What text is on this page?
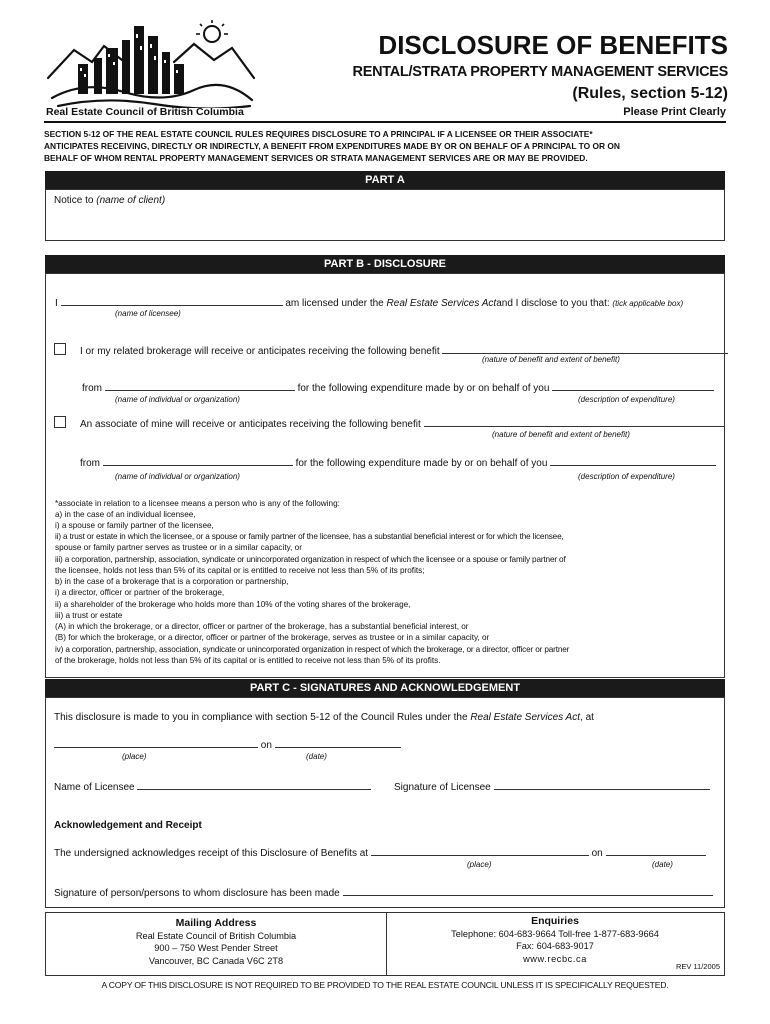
Real Estate Council of British Columbia
DISCLOSURE OF BENEFITS
RENTAL/STRATA PROPERTY MANAGEMENT SERVICES
(Rules, section 5-12)
Please Print Clearly
SECTION 5-12 OF THE REAL ESTATE COUNCIL RULES REQUIRES DISCLOSURE TO A PRINCIPAL IF A LICENSEE OR THEIR ASSOCIATE*
ANTICIPATES RECEIVING, DIRECTLY OR INDIRECTLY, A BENEFIT FROM EXPENDITURES MADE BY OR ON BEHALF OF A PRINCIPAL TO OR ON
BEHALF OF WHOM RENTAL PROPERTY MANAGEMENT SERVICES OR STRATA MANAGEMENT SERVICES ARE OR MAY BE PROVIDED.
PART A
Notice to (name of client)
PART B - DISCLOSURE
I	am licensed under the Real Estate Services Actand I disclose to you that: (tick applicable box)
(name of licensee)
I or my related brokerage will receive or anticipates receiving the following benefit
(nature of benefit and extent of benefit)
from	for the following expenditure made by or on behalf of you
(name of individual or organization)	(description of expenditure)
An associate of mine will receive or anticipates receiving the following benefit
(nature of benefit and extent of benefit)
from	for the following expenditure made by or on behalf of you
(name of individual or organization)	(description of expenditure)
*associate in relation to a licensee means a person who is any of the following:
a) in the case of an individual licensee,
i) a spouse or family partner of the licensee,
ii) a trust or estate in which the licensee, or a spouse or family partner of the licensee, has a substantial beneficial interest or for which the licensee,
spouse or family partner serves as trustee or in a similar capacity, or
iii) a corporation, partnership, association, syndicate or unincorporated organization in respect of which the licensee or a spouse or family partner of
the licensee, holds not less than 5% of its capital or is entitled to receive not less than 5% of its profits;
b) in the case of a brokerage that is a corporation or partnership,
i) a director, officer or partner of the brokerage,
ii) a shareholder of the brokerage who holds more than 10% of the voting shares of the brokerage,
iii) a trust or estate
(A) in which the brokerage, or a director, officer or partner of the brokerage, has a substantial beneficial interest, or
(B) for which the brokerage, or a director, officer or partner of the brokerage, serves as trustee or in a similar capacity, or
iv) a corporation, partnership, association, syndicate or unincorporated organization in respect of which the brokerage, or a director, officer or partner
of the brokerage, holds not less than 5% of its capital or is entitled to receive not less than 5% of its profits.
PART C - SIGNATURES AND ACKNOWLEDGEMENT
This disclosure is made to you in compliance with section 5-12 of the Council Rules under the Real Estate Services Act, at
on
(place)	(date)
Name of Licensee	Signature of Licensee
Acknowledgement and Receipt
The undersigned acknowledges receipt of this Disclosure of Benefits at	on
(place)	(date)
Signature of person/persons to whom disclosure has been made
Mailing Address
Real Estate Council of British Columbia
900 – 750 West Pender Street
Vancouver, BC Canada V6C 2T8
Enquiries
Telephone: 604-683-9664 Toll-free 1-877-683-9664
Fax: 604-683-9017
www.recbc.ca
REV 11/2005
A COPY OF THIS DISCLOSURE IS NOT REQUIRED TO BE PROVIDED TO THE REAL ESTATE COUNCIL UNLESS IT IS SPECIFICALLY REQUESTED.
